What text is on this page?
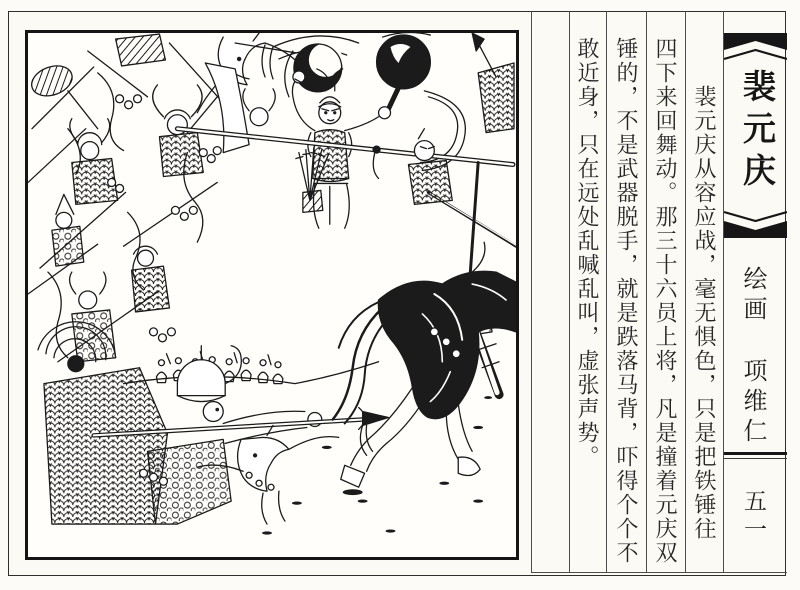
裴元庆从容应战，毫无惧色，只是把铁锤往
四下来回舞动。那三十六员上将，凡是撞着元庆双
锤的，不是武器脱手，就是跌落马背，吓得个个不
敢近身，只在远处乱喊乱叫，虚张声势。	裴元庆
绘画 项维仁
五一
